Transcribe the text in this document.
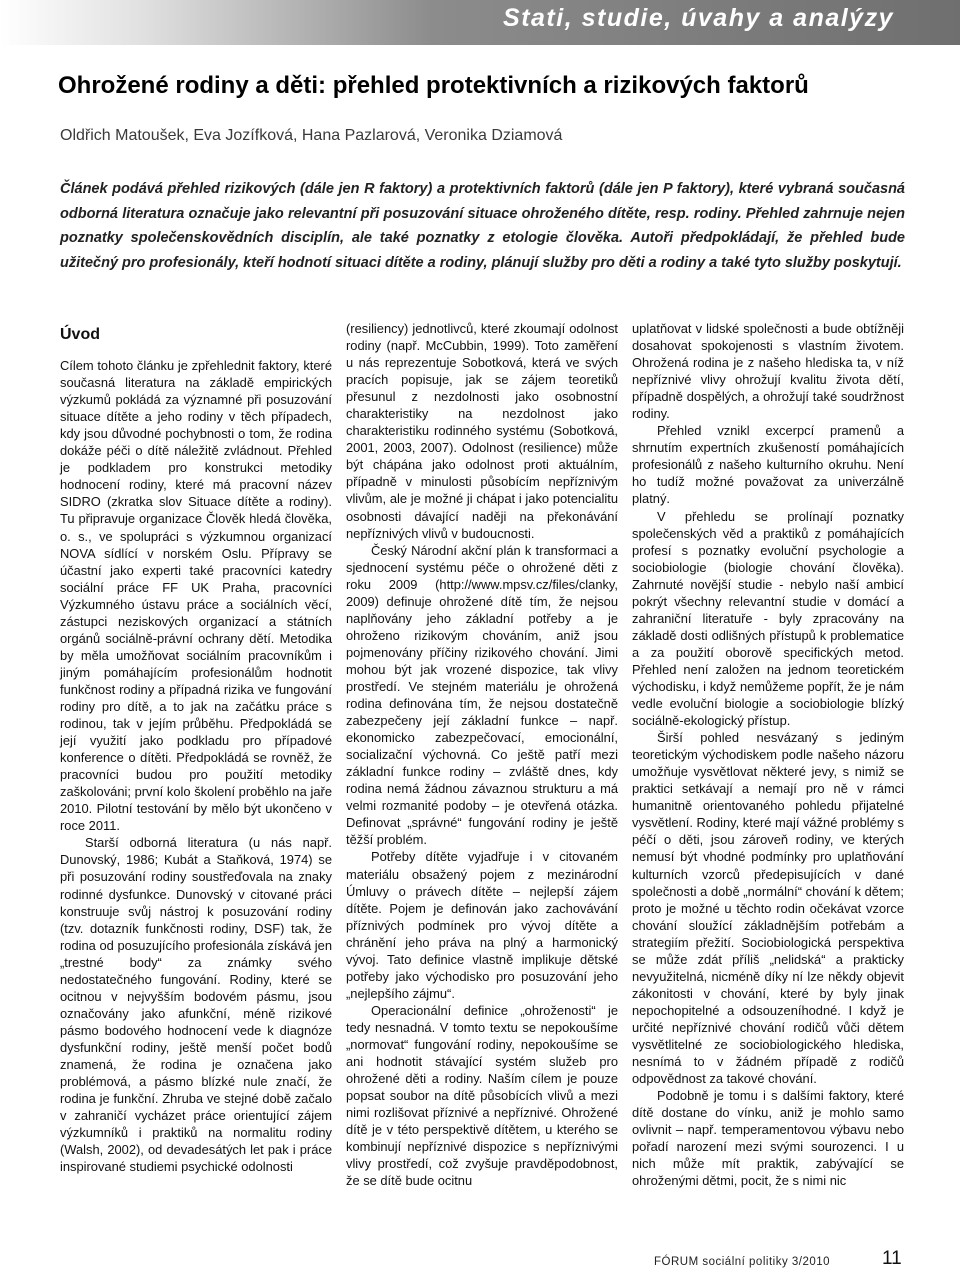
Stati, studie, úvahy a analýzy
Ohrožené rodiny a děti: přehled protektivních a rizikových faktorů
Oldřich Matoušek, Eva Jozífková, Hana Pazlarová, Veronika Dziamová
Článek podává přehled rizikových (dále jen R faktory) a protektivních faktorů (dále jen P faktory), které vybraná současná odborná literatura označuje jako relevantní při posuzování situace ohroženého dítěte, resp. rodiny. Přehled zahrnuje nejen poznatky společenskovědních disciplín, ale také poznatky z etologie člověka. Autoři předpokládají, že přehled bude užitečný pro profesionály, kteří hodnotí situaci dítěte a rodiny, plánují služby pro děti a rodiny a také tyto služby poskytují.
Úvod

Cílem tohoto článku je zpřehlednit faktory, které současná literatura na základě empirických výzkumů pokládá za významné při posuzování situace dítěte a jeho rodiny v těch případech, kdy jsou důvodné pochybnosti o tom, že rodina dokáže péči o dítě náležitě zvládnout. Přehled je podkladem pro konstrukci metodiky hodnocení rodiny, které má pracovní název SIDRO (zkratka slov Situace dítěte a rodiny). Tu připravuje organizace Člověk hledá člověka, o. s., ve spolupráci s výzkumnou organizací NOVA sídlící v norském Oslu. Přípravy se účastní jako experti také pracovníci katedry sociální práce FF UK Praha, pracovníci Výzkumného ústavu práce a sociálních věcí, zástupci neziskových organizací a státních orgánů sociálně-právní ochrany dětí. Metodika by měla umožňovat sociálním pracovníkům i jiným pomáhajícím profesionálům hodnotit funkčnost rodiny a případná rizika ve fungování rodiny pro dítě, a to jak na začátku práce s rodinou, tak v jejím průběhu. Předpokládá se její využití jako podkladu pro případové konference o dítěti. Předpokládá se rovněž, že pracovníci budou pro použití metodiky zaškolováni; první kolo školení proběhlo na jaře 2010. Pilotní testování by mělo být ukončeno v roce 2011.

Starší odborná literatura (u nás např. Dunovský, 1986; Kubát a Staňková, 1974) se při posuzování rodiny soustřeďovala na znaky rodinné dysfunkce. Dunovský v citované práci konstruuje svůj nástroj k posuzování rodiny (tzv. dotazník funkčnosti rodiny, DSF) tak, že rodina od posuzujícího profesionála získává jen „trestné body“ za známky svého nedostatečného fungování. Rodiny, které se ocitnou v nejvyšším bodovém pásmu, jsou označovány jako afunkční, méně rizikové pásmo bodového hodnocení vede k diagnóze dysfunkční rodiny, ještě menší počet bodů znamená, že rodina je označena jako problémová, a pásmo blízké nule značí, že rodina je funkční. Zhruba ve stejné době začalo v zahraničí vycházet práce orientující zájem výzkumníků i praktiků na normalitu rodiny (Walsh, 2002), od devadesátých let pak i práce inspirované studiemi psychické odolnosti

(resiliency) jednotlivců, které zkoumají odolnost rodiny (např. McCubbin, 1999). Toto zaměření u nás reprezentuje Sobotková, která ve svých pracích popisuje, jak se zájem teoretiků přesunul z nezdolnosti jako osobnostní charakteristiky na nezdolnost jako charakteristiku rodinného systému (Sobotková, 2001, 2003, 2007). Odolnost (resilience) může být chápána jako odolnost proti aktuálním, případně v minulosti působícím nepříznivým vlivům, ale je možné ji chápat i jako potencialitu osobnosti dávající naději na překonávání nepříznivých vlivů v budoucnosti.

Český Národní akční plán k transformaci a sjednocení systému péče o ohrožené děti z roku 2009 (http://www.mpsv.cz/files/clanky, 2009) definuje ohrožené dítě tím, že nejsou naplňovány jeho základní potřeby a je ohroženo rizikovým chováním, aniž jsou pojmenovány příčiny rizikového chování. Jimi mohou být jak vrozené dispozice, tak vlivy prostředí. Ve stejném materiálu je ohrožená rodina definována tím, že nejsou dostatečně zabezpečeny její základní funkce – např. ekonomicko zabezpečovací, emocionální, socializační výchovná. Co ještě patří mezi základní funkce rodiny – zvláště dnes, kdy rodina nemá žádnou závaznou strukturu a má velmi rozmanité podoby – je otevřená otázka. Definovat „správné“ fungování rodiny je ještě těžší problém.

Potřeby dítěte vyjadřuje i v citovaném materiálu obsažený pojem z mezinárodní Úmluvy o právech dítěte – nejlepší zájem dítěte. Pojem je definován jako zachovávání příznivých podmínek pro vývoj dítěte a chránění jeho práva na plný a harmonický vývoj. Tato definice vlastně implikuje dětské potřeby jako východisko pro posuzování jeho „nejlepšího zájmu“.

Operacionální definice „ohroženosti“ je tedy nesnadná. V tomto textu se nepokoušíme „normovat“ fungování rodiny, nepokoušíme se ani hodnotit stávající systém služeb pro ohrožené děti a rodiny. Naším cílem je pouze popsat soubor na dítě působících vlivů a mezi nimi rozlišovat příznivé a nepříznivé. Ohrožené dítě je v této perspektivě dítětem, u kterého se kombinují nepříznivé dispozice s nepříznivými vlivy prostředí, což zvyšuje pravděpodobnost, že se dítě bude ocitnu

uplatňovat v lidské společnosti a bude obtížněji dosahovat spokojenosti s vlastním životem. Ohrožená rodina je z našeho hlediska ta, v níž nepříznivé vlivy ohrožují kvalitu života dětí, případně dospělých, a ohrožují také soudržnost rodiny.

Přehled vznikl excerpcí pramenů a shrnutím expertních zkušeností pomáhajících profesionálů z našeho kulturního okruhu. Není ho tudíž možné považovat za univerzálně platný.

V přehledu se prolínají poznatky společenských věd a praktiků z pomáhajících profesí s poznatky evoluční psychologie a sociobiologie (biologie chování člověka). Zahrnuté novější studie - nebylo naší ambicí pokrýt všechny relevantní studie v domácí a zahraniční literatuře - byly zpracovány na základě dosti odlišných přístupů k problematice a za použití oborově specifických metod. Přehled není založen na jednom teoretickém východisku, i když nemůžeme popřít, že je nám vedle evoluční biologie a sociobiologie blízký sociálně-ekologický přístup.

Širší pohled nesvázaný s jediným teoretickým východiskem podle našeho názoru umožňuje vysvětlovat některé jevy, s nimiž se praktici setkávají a nemají pro ně v rámci humanitně orientovaného pohledu přijatelné vysvětlení. Rodiny, které mají vážné problémy s péčí o děti, jsou zároveň rodiny, ve kterých nemusí být vhodné podmínky pro uplatňování kulturních vzorců předepisujících v dané společnosti a době „normální“ chování k dětem; proto je možné u těchto rodin očekávat vzorce chování sloužící základnějším potřebám a strategiím přežití. Sociobiologická perspektiva se může zdát příliš „nelidská“ a prakticky nevyužitelná, nicméně díky ní lze někdy objevit zákonitosti v chování, které by byly jinak nepochopitelné a odsouzeníhodné. I když je určité nepříznivé chování rodičů vůči dětem vysvětlitelné ze sociobiologického hlediska, nesnímá to v žádném případě z rodičů odpovědnost za takové chování.

Podobně je tomu i s dalšími faktory, které dítě dostane do vínku, aniž je mohlo samo ovlivnit – např. temperamentovou výbavu nebo pořadí narození mezi svými sourozenci. I u nich může mít praktik, zabývající se ohroženými dětmi, pocit, že s nimi nic

FÓRUM sociální politiky 3/2010	11
